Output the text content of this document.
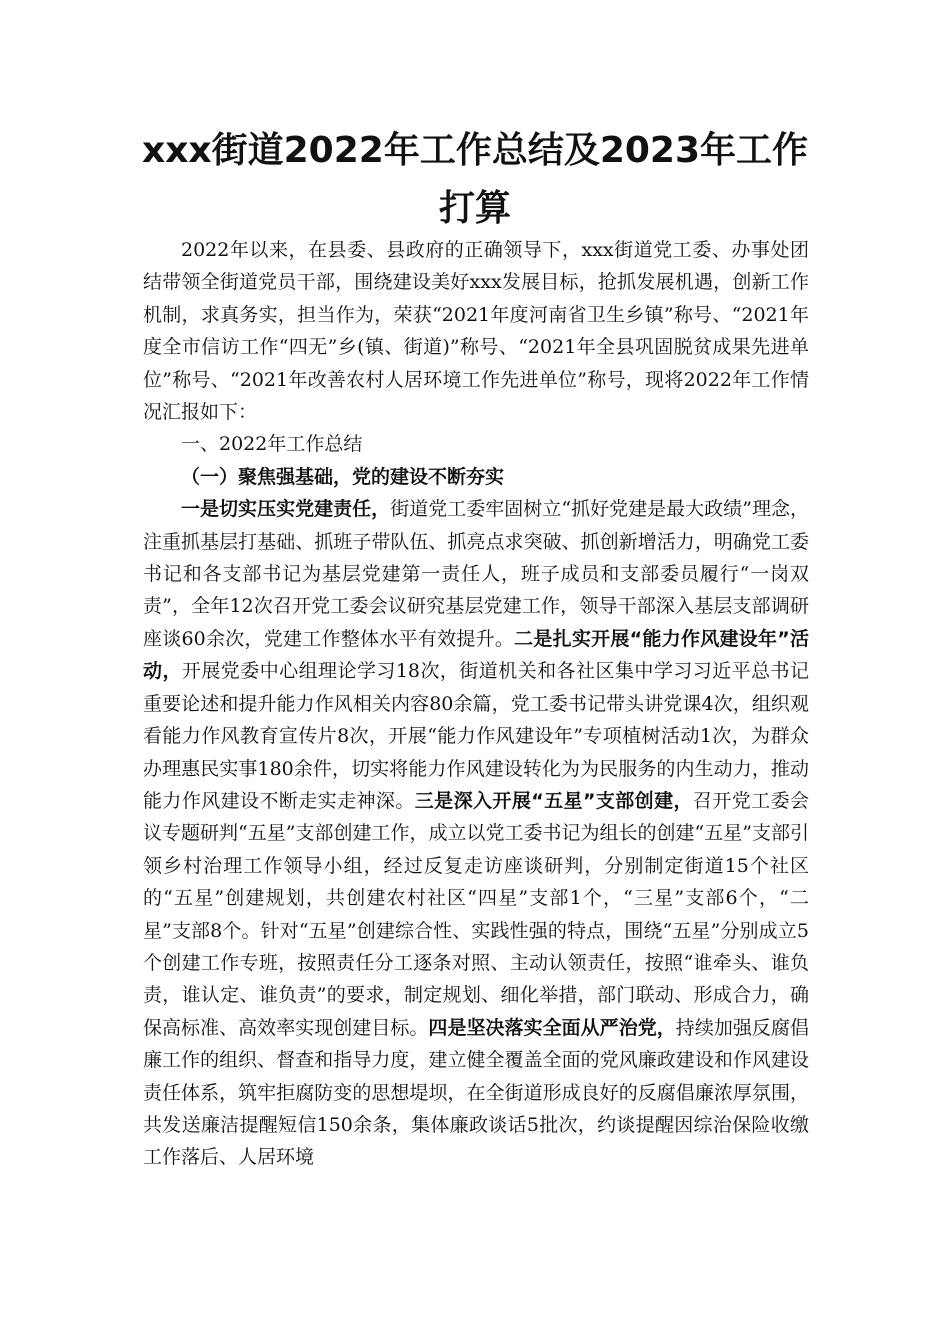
xxx街道2022年工作总结及2023年工作打算

2022年以来，在县委、县政府的正确领导下，xxx街道党工委、办事处团结带领全街道党员干部，围绕建设美好xxx发展目标，抢抓发展机遇，创新工作机制，求真务实，担当作为，荣获“2021年度河南省卫生乡镇”称号、“2021年度全市信访工作“四无”乡(镇、街道)”称号、“2021年全县巩固脱贫成果先进单位”称号、“2021年改善农村人居环境工作先进单位”称号，现将2022年工作情况汇报如下：

一、2022年工作总结

（一）聚焦强基础，党的建设不断夯实

一是切实压实党建责任，街道党工委牢固树立“抓好党建是最大政绩”理念，注重抓基层打基础、抓班子带队伍、抓亮点求突破、抓创新增活力，明确党工委书记和各支部书记为基层党建第一责任人，班子成员和支部委员履行“一岗双责”，全年12次召开党工委会议研究基层党建工作，领导干部深入基层支部调研座谈60余次，党建工作整体水平有效提升。二是扎实开展“能力作风建设年”活动，开展党委中心组理论学习18次，街道机关和各社区集中学习习近平总书记重要论述和提升能力作风相关内容80余篇，党工委书记带头讲党课4次，组织观看能力作风教育宣传片8次，开展“能力作风建设年”专项植树活动1次，为群众办理惠民实事180余件，切实将能力作风建设转化为为民服务的内生动力，推动能力作风建设不断走实走神深。三是深入开展“五星”支部创建，召开党工委会议专题研判“五星”支部创建工作，成立以党工委书记为组长的创建“五星”支部引领乡村治理工作领导小组，经过反复走访座谈研判，分别制定街道15个社区的“五星”创建规划，共创建农村社区“四星”支部1个，“三星”支部6个，“二星”支部8个。针对“五星”创建综合性、实践性强的特点，围绕“五星”分别成立5个创建工作专班，按照责任分工逐条对照、主动认领责任，按照“谁牵头、谁负责，谁认定、谁负责”的要求，制定规划、细化举措，部门联动、形成合力，确保高标准、高效率实现创建目标。四是坚决落实全面从严治党，持续加强反腐倡廉工作的组织、督查和指导力度，建立健全覆盖全面的党风廉政建设和作风建设责任体系，筑牢拒腐防变的思想堤坝，在全街道形成良好的反腐倡廉浓厚氛围，共发送廉洁提醒短信150余条，集体廉政谈话5批次，约谈提醒因综治保险收缴工作落后、人居环境
